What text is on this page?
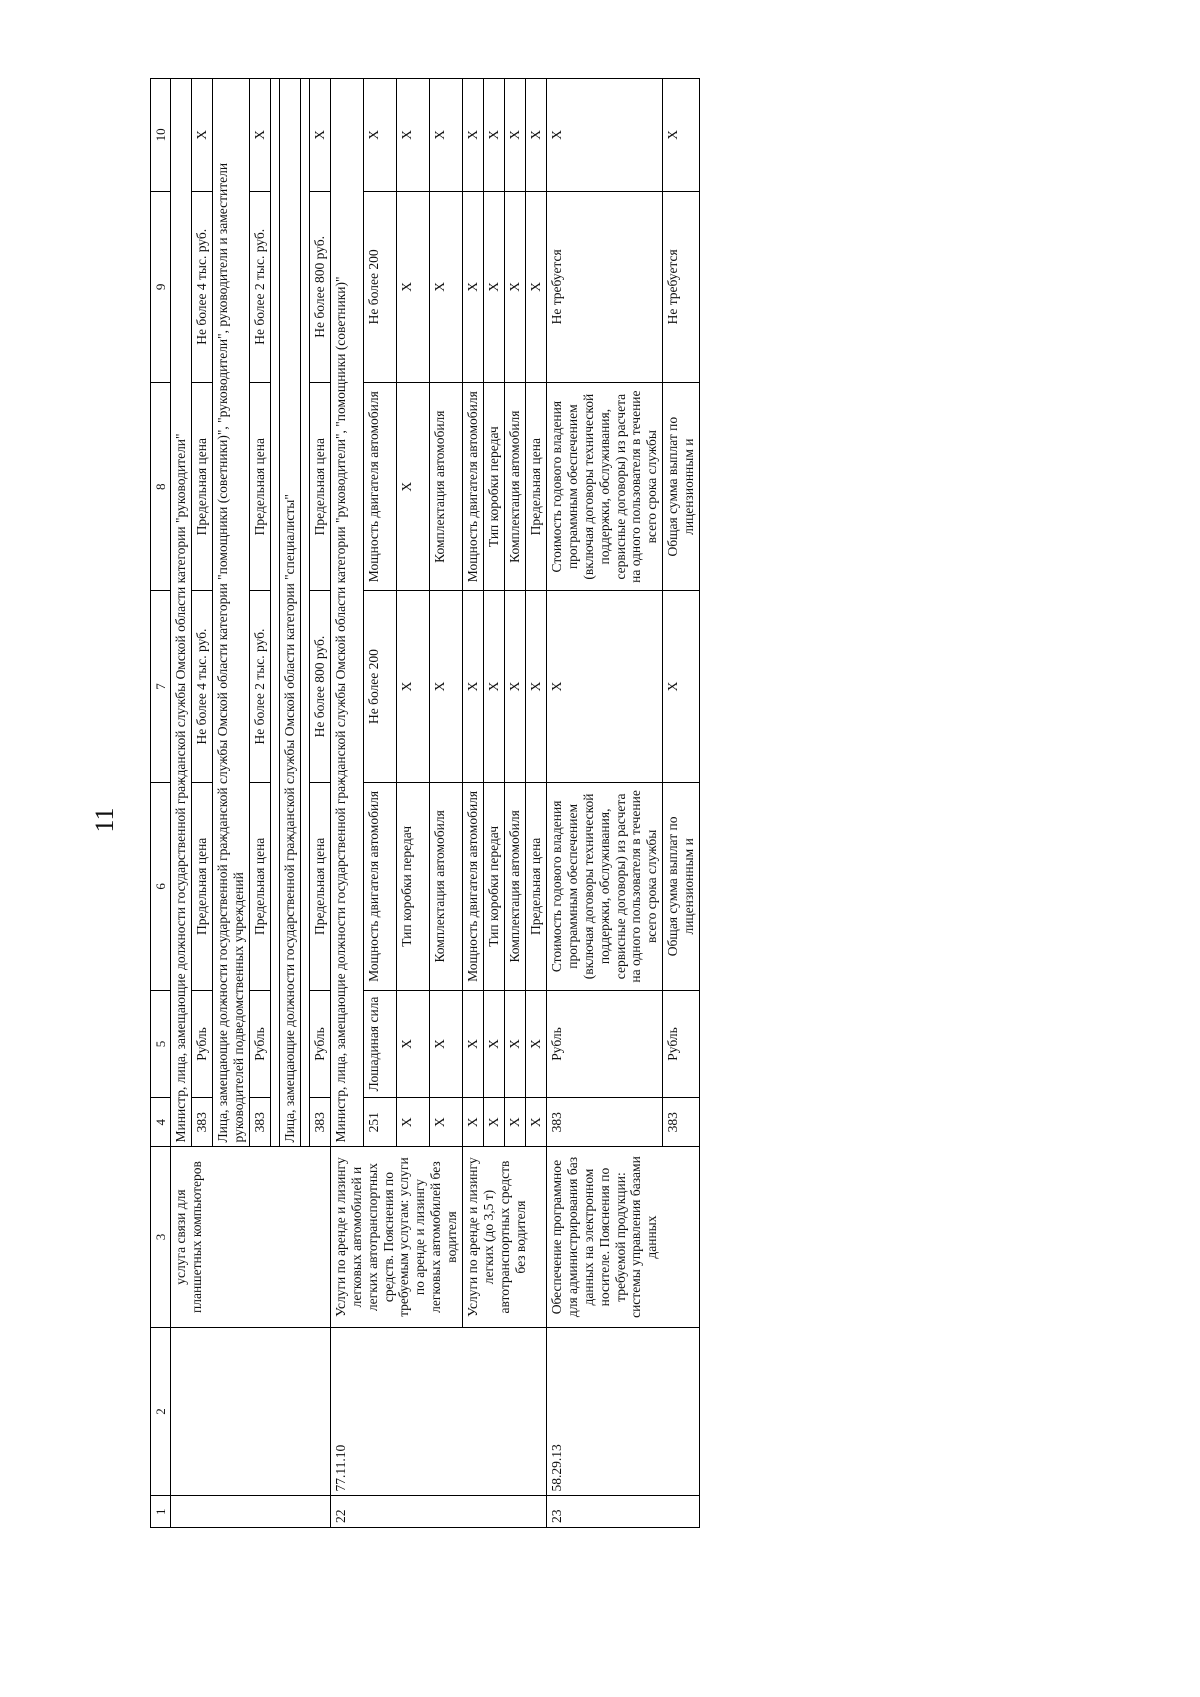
11
1	2	3	4	5	6	7	8	9	10
		услуга связи для планшетных компьютеров	Министр, лица, замещающие должности государственной гражданской службы Омской области категории "руководители"						
			383	Рубль	Предельная цена	Не более 4 тыс. руб.	Предельная цена	Не более 4 тыс. руб.	X
			Лица, замещающие должности государственной гражданской службы Омской области категории "помощники (советники)", "руководители", руководители и заместители руководителей подведомственных учреждений						
			383	Рубль	Предельная цена	Не более 2 тыс. руб.	Предельная цена	Не более 2 тыс. руб.	X

			Лица, замещающие должности государственной гражданской службы Омской области категории "специалисты"						

			383	Рубль	Предельная цена	Не более 800 руб.	Предельная цена	Не более 800 руб.	X
22	77.11.10	Услуги по аренде и лизингу легковых автомобилей и легких автотранспортных средств. Пояснения по требуемым услугам: услуги по аренде и лизингу легковых автомобилей без водителя	Министр, лица, замещающие должности государственной гражданской службы Омской области категории "руководители", "помощники (советники)"						
			251	Лошадиная сила	Мощность двигателя автомобиля	Не более 200	Мощность двигателя автомобиля	Не более 200	X
			X	X	Тип коробки передач	X	X	X	X
			X	X	Комплектация автомобиля	X	Комплектация автомобиля	X	X
		Услуги по аренде и лизингу легких (до 3,5 т) автотранспортных средств без водителя	X	X	Мощность двигателя автомобиля	X	Мощность двигателя автомобиля	X	X
			X	X	Тип коробки передач	X	Тип коробки передач	X	X
			X	X	Комплектация автомобиля	X	Комплектация автомобиля	X	X
			X	X	Предельная цена	X	Предельная цена	X	X
23	58.29.13	Обеспечение программное для администрирования баз данных на электронном носителе. Пояснения по требуемой продукции: системы управления базами данных	383	Рубль	Стоимость годового владения программным обеспечением (включая договоры технической поддержки, обслуживания, сервисные договоры) из расчета на одного пользователя в течение всего срока службы	X	Стоимость годового владения программным обеспечением (включая договоры технической поддержки, обслуживания, сервисные договоры) из расчета на одного пользователя в течение всего срока службы	Не требуется	X
			383	Рубль	Общая сумма выплат по лицензионным и	X	Общая сумма выплат по лицензионным и	Не требуется	X
